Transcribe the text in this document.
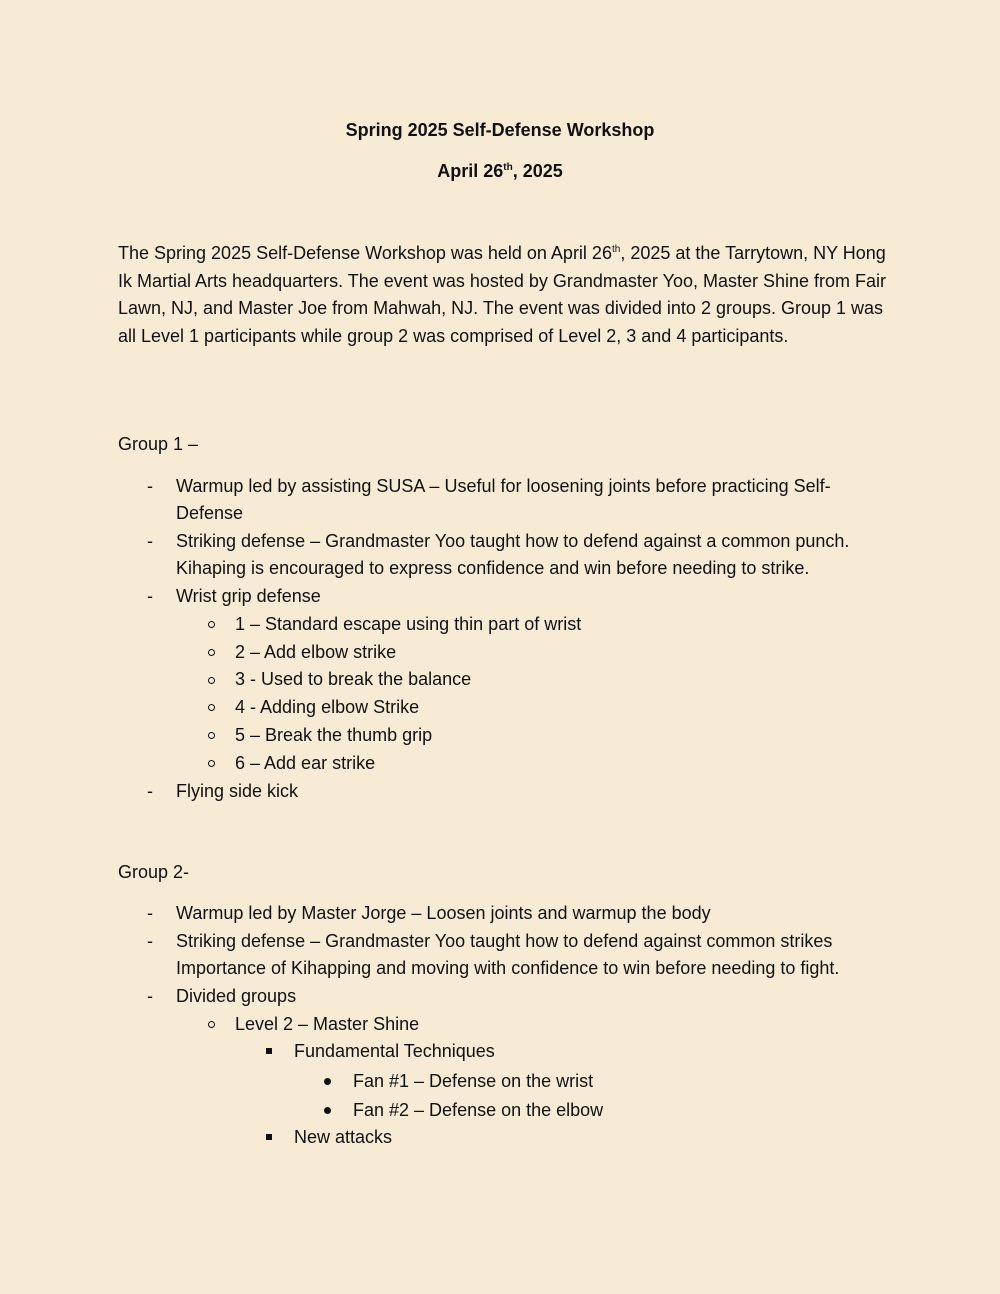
Spring 2025 Self-Defense Workshop

April 26th, 2025

The Spring 2025 Self-Defense Workshop was held on April 26th, 2025 at the Tarrytown, NY Hong Ik Martial Arts headquarters. The event was hosted by Grandmaster Yoo, Master Shine from Fair Lawn, NJ, and Master Joe from Mahwah, NJ. The event was divided into 2 groups. Group 1 was all Level 1 participants while group 2 was comprised of Level 2, 3 and 4 participants.

Group 1 –

-	Warmup led by assisting SUSA – Useful for loosening joints before practicing Self-
Defense
-	Striking defense – Grandmaster Yoo taught how to defend against a common punch.
Kihaping is encouraged to express confidence and win before needing to strike.
-	Wrist grip defense
1 – Standard escape using thin part of wrist
2 – Add elbow strike
3 - Used to break the balance
4 - Adding elbow Strike
5 – Break the thumb grip
6 – Add ear strike
-	Flying side kick

Group 2-

-	Warmup led by Master Jorge – Loosen joints and warmup the body
-	Striking defense – Grandmaster Yoo taught how to defend against common strikes
Importance of Kihapping and moving with confidence to win before needing to fight.
-	Divided groups
Level 2 – Master Shine
Fundamental Techniques
Fan #1 – Defense on the wrist
Fan #2 – Defense on the elbow
New attacks
